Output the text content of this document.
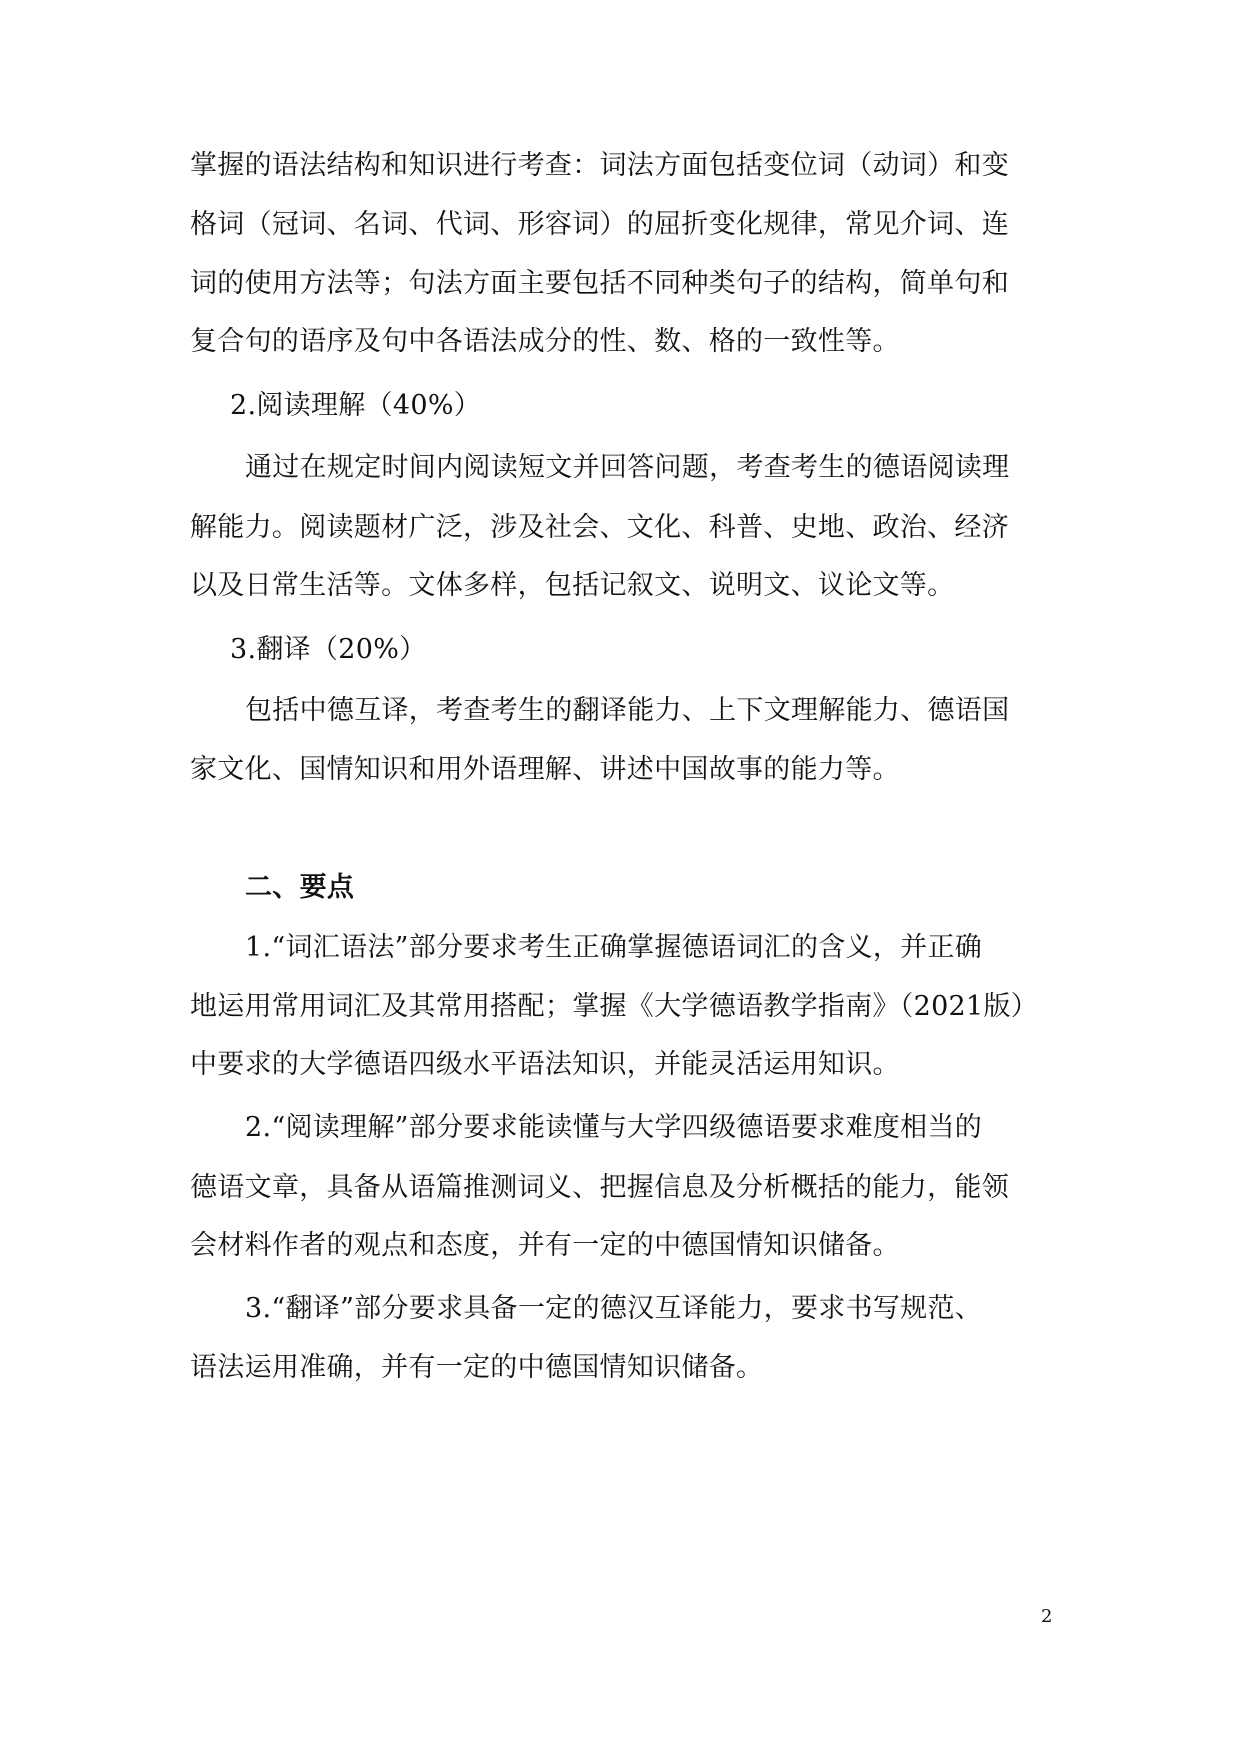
掌握的语法结构和知识进行考查：词法方面包括变位词（动词）和变

格词（冠词、名词、代词、形容词）的屈折变化规律，常见介词、连

词的使用方法等；句法方面主要包括不同种类句子的结构，简单句和

复合句的语序及句中各语法成分的性、数、格的一致性等。

2.阅读理解（40%）

通过在规定时间内阅读短文并回答问题，考查考生的德语阅读理

解能力。阅读题材广泛，涉及社会、文化、科普、史地、政治、经济

以及日常生活等。文体多样，包括记叙文、说明文、议论文等。

3.翻译（20%）

包括中德互译，考查考生的翻译能力、上下文理解能力、德语国

家文化、国情知识和用外语理解、讲述中国故事的能力等。

二、要点

1.“词汇语法”部分要求考生正确掌握德语词汇的含义，并正确

地运用常用词汇及其常用搭配；掌握《大学德语教学指南》（2021版）

中要求的大学德语四级水平语法知识，并能灵活运用知识。

2.“阅读理解”部分要求能读懂与大学四级德语要求难度相当的

德语文章，具备从语篇推测词义、把握信息及分析概括的能力，能领

会材料作者的观点和态度，并有一定的中德国情知识储备。

3.“翻译”部分要求具备一定的德汉互译能力，要求书写规范、

语法运用准确，并有一定的中德国情知识储备。

2
